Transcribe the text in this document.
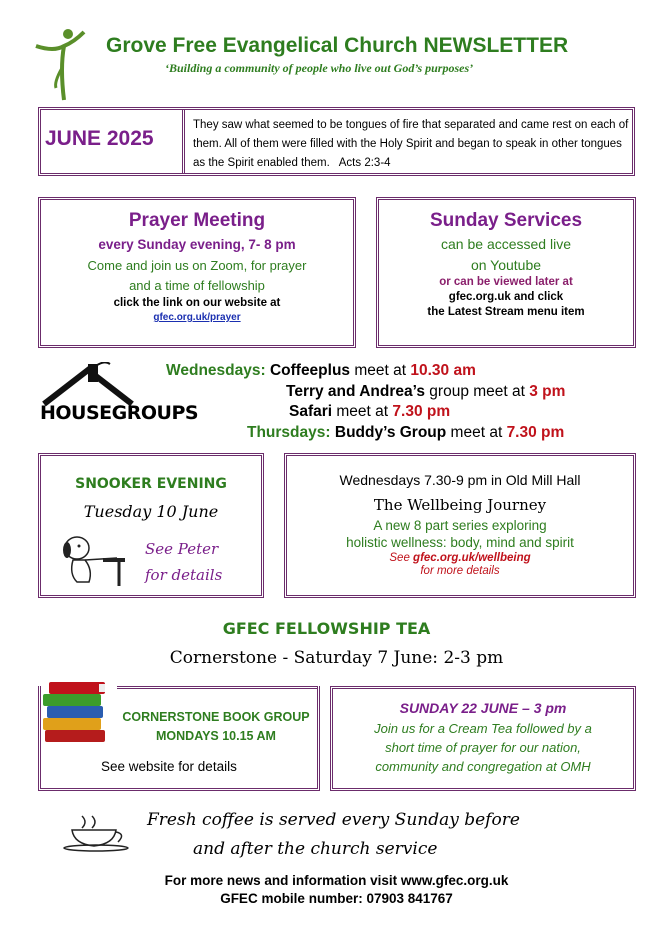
Grove Free Evangelical Church NEWSLETTER
‘Building a community of people who live out God’s purposes’
JUNE 2025
They saw what seemed to be tongues of fire that separated and came rest on each of them. All of them were filled with the Holy Spirit and began to speak in other tongues as the Spirit enabled them. Acts 2:3-4
Prayer Meeting
every Sunday evening, 7- 8 pm
Come and join us on Zoom, for prayer
and a time of fellowship
click the link on our website at
gfec.org.uk/prayer
Sunday Services
can be accessed live
on Youtube
or can be viewed later at
gfec.org.uk and click
the Latest Stream menu item
HOUSEGROUPS
Wednesdays: Coffeeplus meet at 10.30 am
Terry and Andrea’s group meet at 3 pm
Safari meet at 7.30 pm
Thursdays: Buddy’s Group meet at 7.30 pm
SNOOKER EVENING
Tuesday 10 June
See Peter
for details
Wednesdays 7.30-9 pm in Old Mill Hall
The Wellbeing Journey
A new 8 part series exploring
holistic wellness: body, mind and spirit
See gfec.org.uk/wellbeing
for more details
GFEC FELLOWSHIP TEA
Cornerstone - Saturday 7 June: 2-3 pm
CORNERSTONE BOOK GROUP
MONDAYS 10.15 AM
See website for details
SUNDAY 22 JUNE – 3 pm
Join us for a Cream Tea followed by a
short time of prayer for our nation,
community and congregation at OMH
Fresh coffee is served every Sunday before
and after the church service
For more news and information visit www.gfec.org.uk
GFEC mobile number: 07903 841767
